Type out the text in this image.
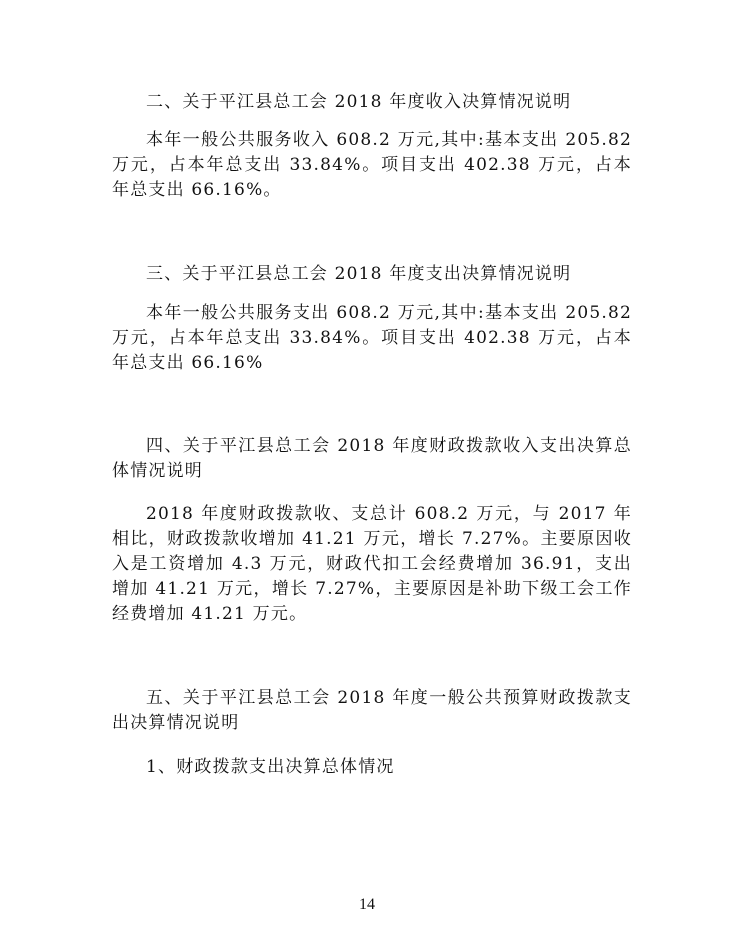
二、关于平江县总工会 2018 年度收入决算情况说明
本年一般公共服务收入 608.2 万元,其中:基本支出 205.82 万元，占本年总支出 33.84%。项目支出 402.38 万元，占本年总支出 66.16%。
三、关于平江县总工会 2018 年度支出决算情况说明
本年一般公共服务支出 608.2 万元,其中:基本支出 205.82 万元，占本年总支出 33.84%。项目支出 402.38 万元，占本年总支出 66.16%
四、关于平江县总工会 2018 年度财政拨款收入支出决算总体情况说明
2018 年度财政拨款收、支总计 608.2 万元，与 2017 年相比，财政拨款收增加 41.21 万元，增长 7.27%。主要原因收入是工资增加 4.3 万元，财政代扣工会经费增加 36.91，支出增加 41.21 万元，增长 7.27%，主要原因是补助下级工会工作经费增加 41.21 万元。
五、关于平江县总工会 2018 年度一般公共预算财政拨款支出决算情况说明
1、财政拨款支出决算总体情况
14
